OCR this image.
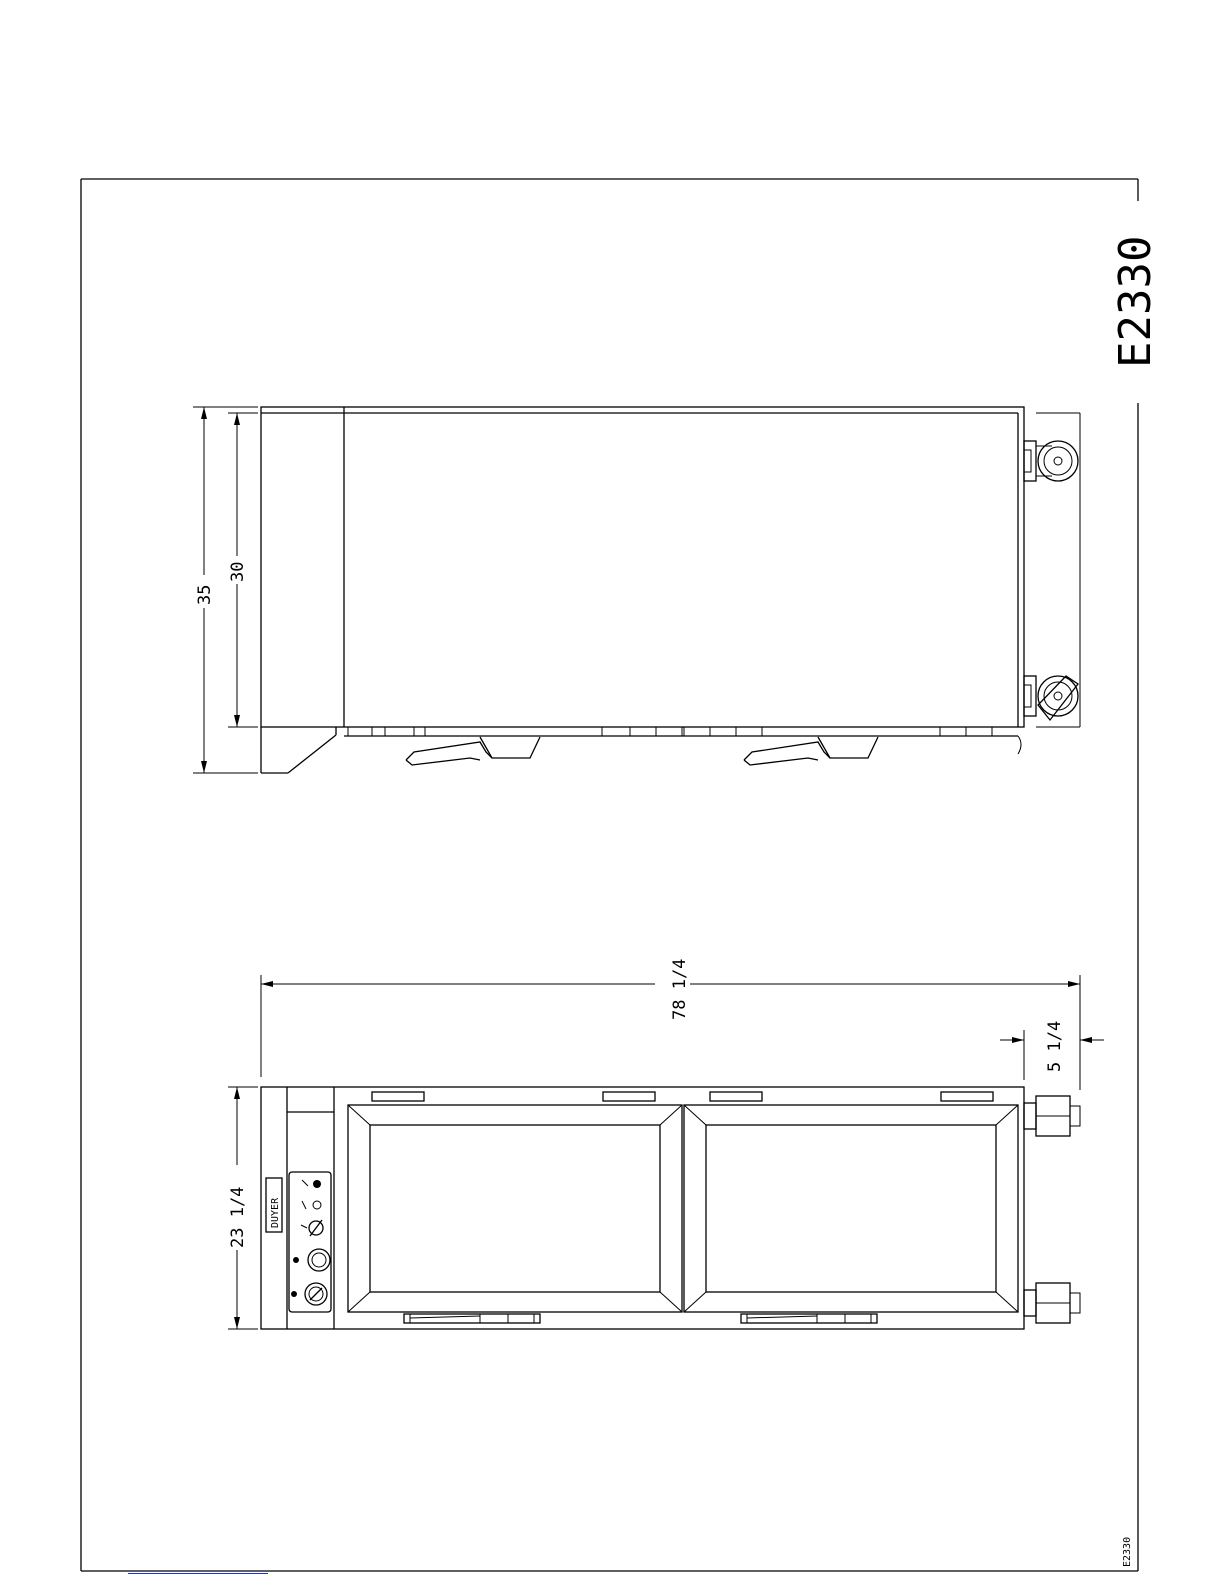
E2330
E2330
35
30
DUYER
78 1/4
5 1/4
23 1/4
